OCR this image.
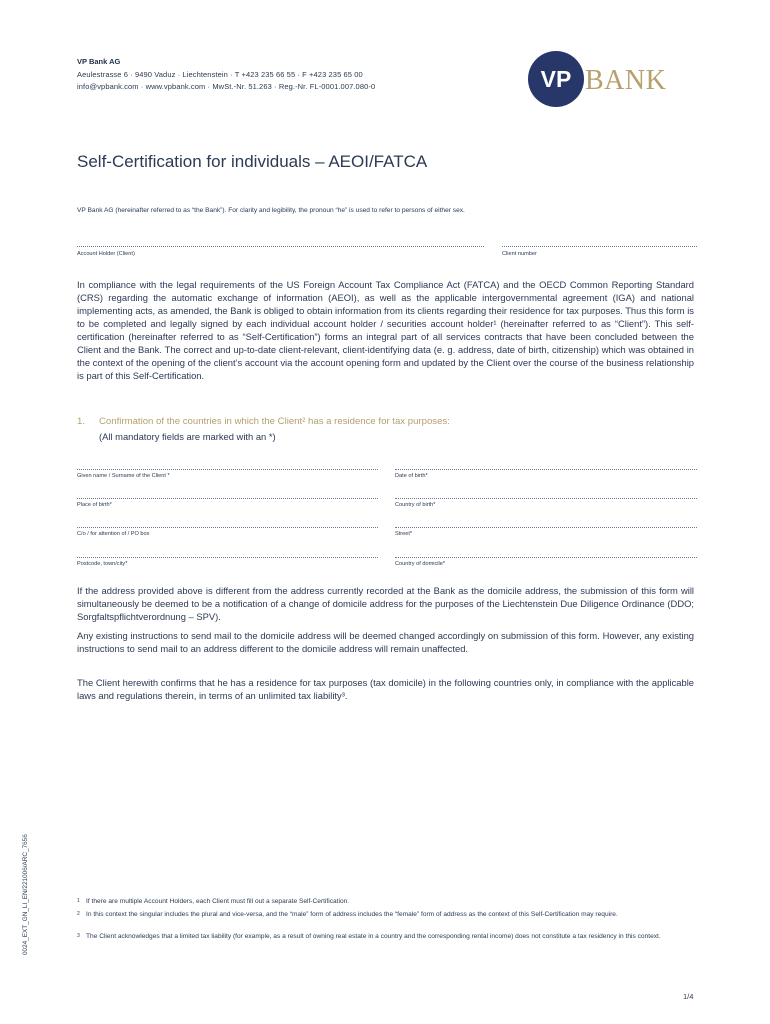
VP Bank AG
Aeulestrasse 6 · 9490 Vaduz · Liechtenstein · T +423 235 66 55 · F +423 235 65 00
info@vpbank.com · www.vpbank.com · MwSt.-Nr. 51.263 · Reg.-Nr. FL-0001.007.080-0	VP BANK
Self-Certification for individuals – AEOI/FATCA
VP Bank AG (hereinafter referred to as “the Bank”). For clarity and legibility, the pronoun “he” is used to refer to persons of either sex.
Account Holder (Client)	Client number
In compliance with the legal requirements of the US Foreign Account Tax Compliance Act (FATCA) and the OECD Common Reporting Standard (CRS) regarding the automatic exchange of information (AEOI), as well as the applicable intergovernmental agreement (IGA) and national implementing acts, as amended, the Bank is obliged to obtain information from its clients regarding their residence for tax purposes. Thus this form is to be completed and legally signed by each individual account holder / securities account holder¹ (hereinafter referred to as “Client”). This self-certification (hereinafter referred to as “Self-Certification”) forms an integral part of all services contracts that have been concluded between the Client and the Bank. The correct and up-to-date client-relevant, client-identifying data (e. g. address, date of birth, citizenship) which was obtained in the context of the opening of the client’s account via the account opening form and updated by the Client over the course of the business relationship is part of this Self-Certification.
1. Confirmation of the countries in which the Client² has a residence for tax purposes:
(All mandatory fields are marked with an *)
Given name / Surname of the Client *	Date of birth*
Place of birth*	Country of birth*
C/o / for attention of / PO box	Street*
Postcode, town/city*	Country of domicile*
If the address provided above is different from the address currently recorded at the Bank as the domicile address, the submission of this form will simultaneously be deemed to be a notification of a change of domicile address for the purposes of the Liechtenstein Due Diligence Ordinance (DDO; Sorgfaltspflichtverordnung – SPV).
Any existing instructions to send mail to the domicile address will be deemed changed accordingly on submission of this form. However, any existing instructions to send mail to an address different to the domicile address will remain unaffected.
The Client herewith confirms that he has a residence for tax purposes (tax domicile) in the following countries only, in compliance with the applicable laws and regulations therein, in terms of an unlimited tax liability³.
1 If there are multiple Account Holders, each Client must fill out a separate Self-Certification.
2 In this context the singular includes the plural and vice-versa, and the “male” form of address includes the “female” form of address as the context of this Self-Certification may require.
3 The Client acknowledges that a limited tax liability (for example, as a result of owning real estate in a country and the corresponding rental income) does not constitute a tax residency in this context.
0024_EXT_GN_LI_EN/221006/ARC_7656
1/4
